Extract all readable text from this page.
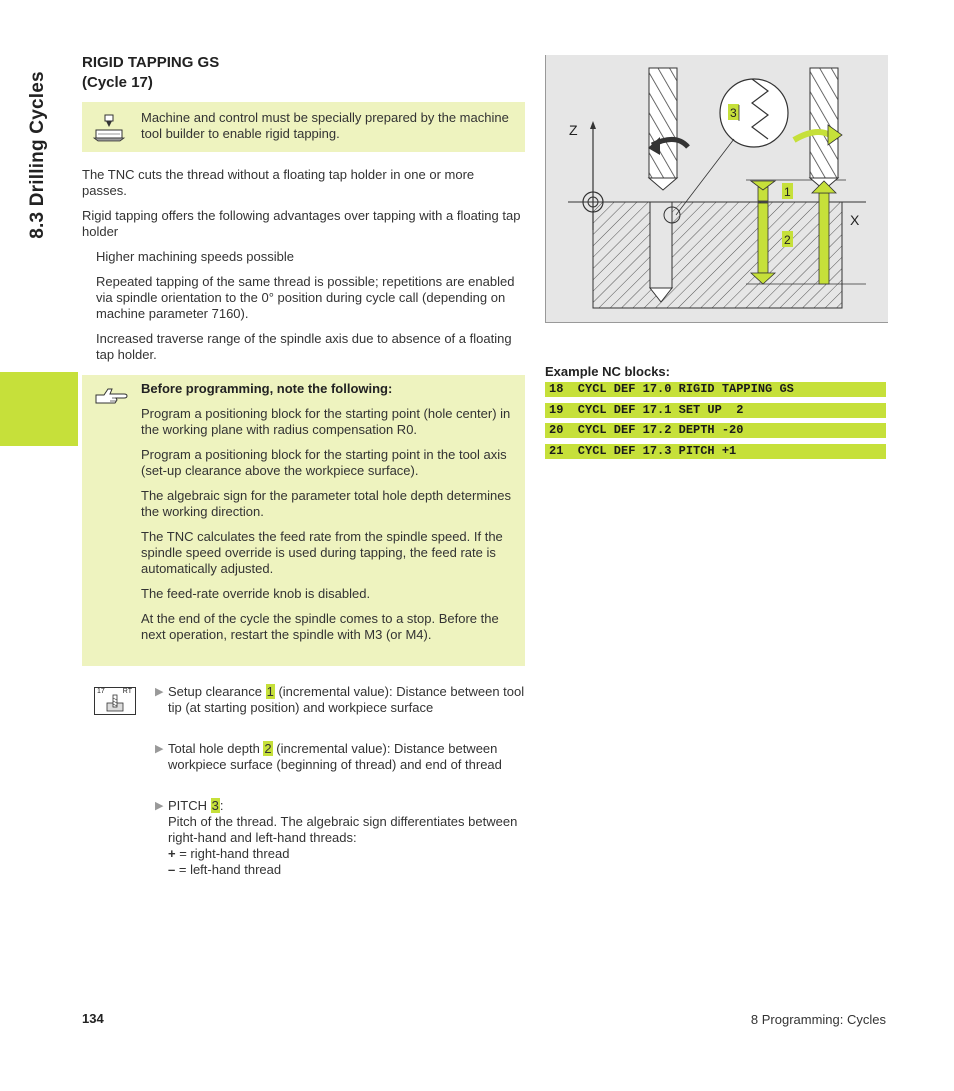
8.3 Drilling Cycles
RIGID TAPPING GS
(Cycle 17)
Machine and control must be specially prepared by the machine tool builder to enable rigid tapping.
The TNC cuts the thread without a floating tap holder in one or more passes.
Rigid tapping offers the following advantages over tapping with a floating tap holder
Higher machining speeds possible
Repeated tapping of the same thread is possible; repetitions are enabled via spindle orientation to the 0° position during cycle call (depending on machine parameter 7160).
Increased traverse range of the spindle axis due to absence of a floating tap holder.
Before programming, note the following:
Program a positioning block for the starting point (hole center) in the working plane with radius compensation R0.
Program a positioning block for the starting point in the tool axis (set-up clearance above the workpiece surface).
The algebraic sign for the parameter total hole depth determines the working direction.
The TNC calculates the feed rate from the spindle speed. If the spindle speed override is used during tapping, the feed rate is automatically adjusted.
The feed-rate override knob is disabled.
At the end of the cycle the spindle comes to a stop. Before the next operation, restart the spindle with M3 (or M4).
17	RT ▶ Setup clearance 1 (incremental value): Distance between tool tip (at starting position) and workpiece surface
▶ Total hole depth 2 (incremental value): Distance between workpiece surface (beginning of thread) and end of thread
▶ PITCH 3:
Pitch of the thread. The algebraic sign differentiates between right-hand and left-hand threads:
+ = right-hand thread
– = left-hand thread
Z
X
3
1
2
Example NC blocks:
18  CYCL DEF 17.0 RIGID TAPPING GS
19  CYCL DEF 17.1 SET UP  2
20  CYCL DEF 17.2 DEPTH -20
21  CYCL DEF 17.3 PITCH +1
134	8 Programming: Cycles
